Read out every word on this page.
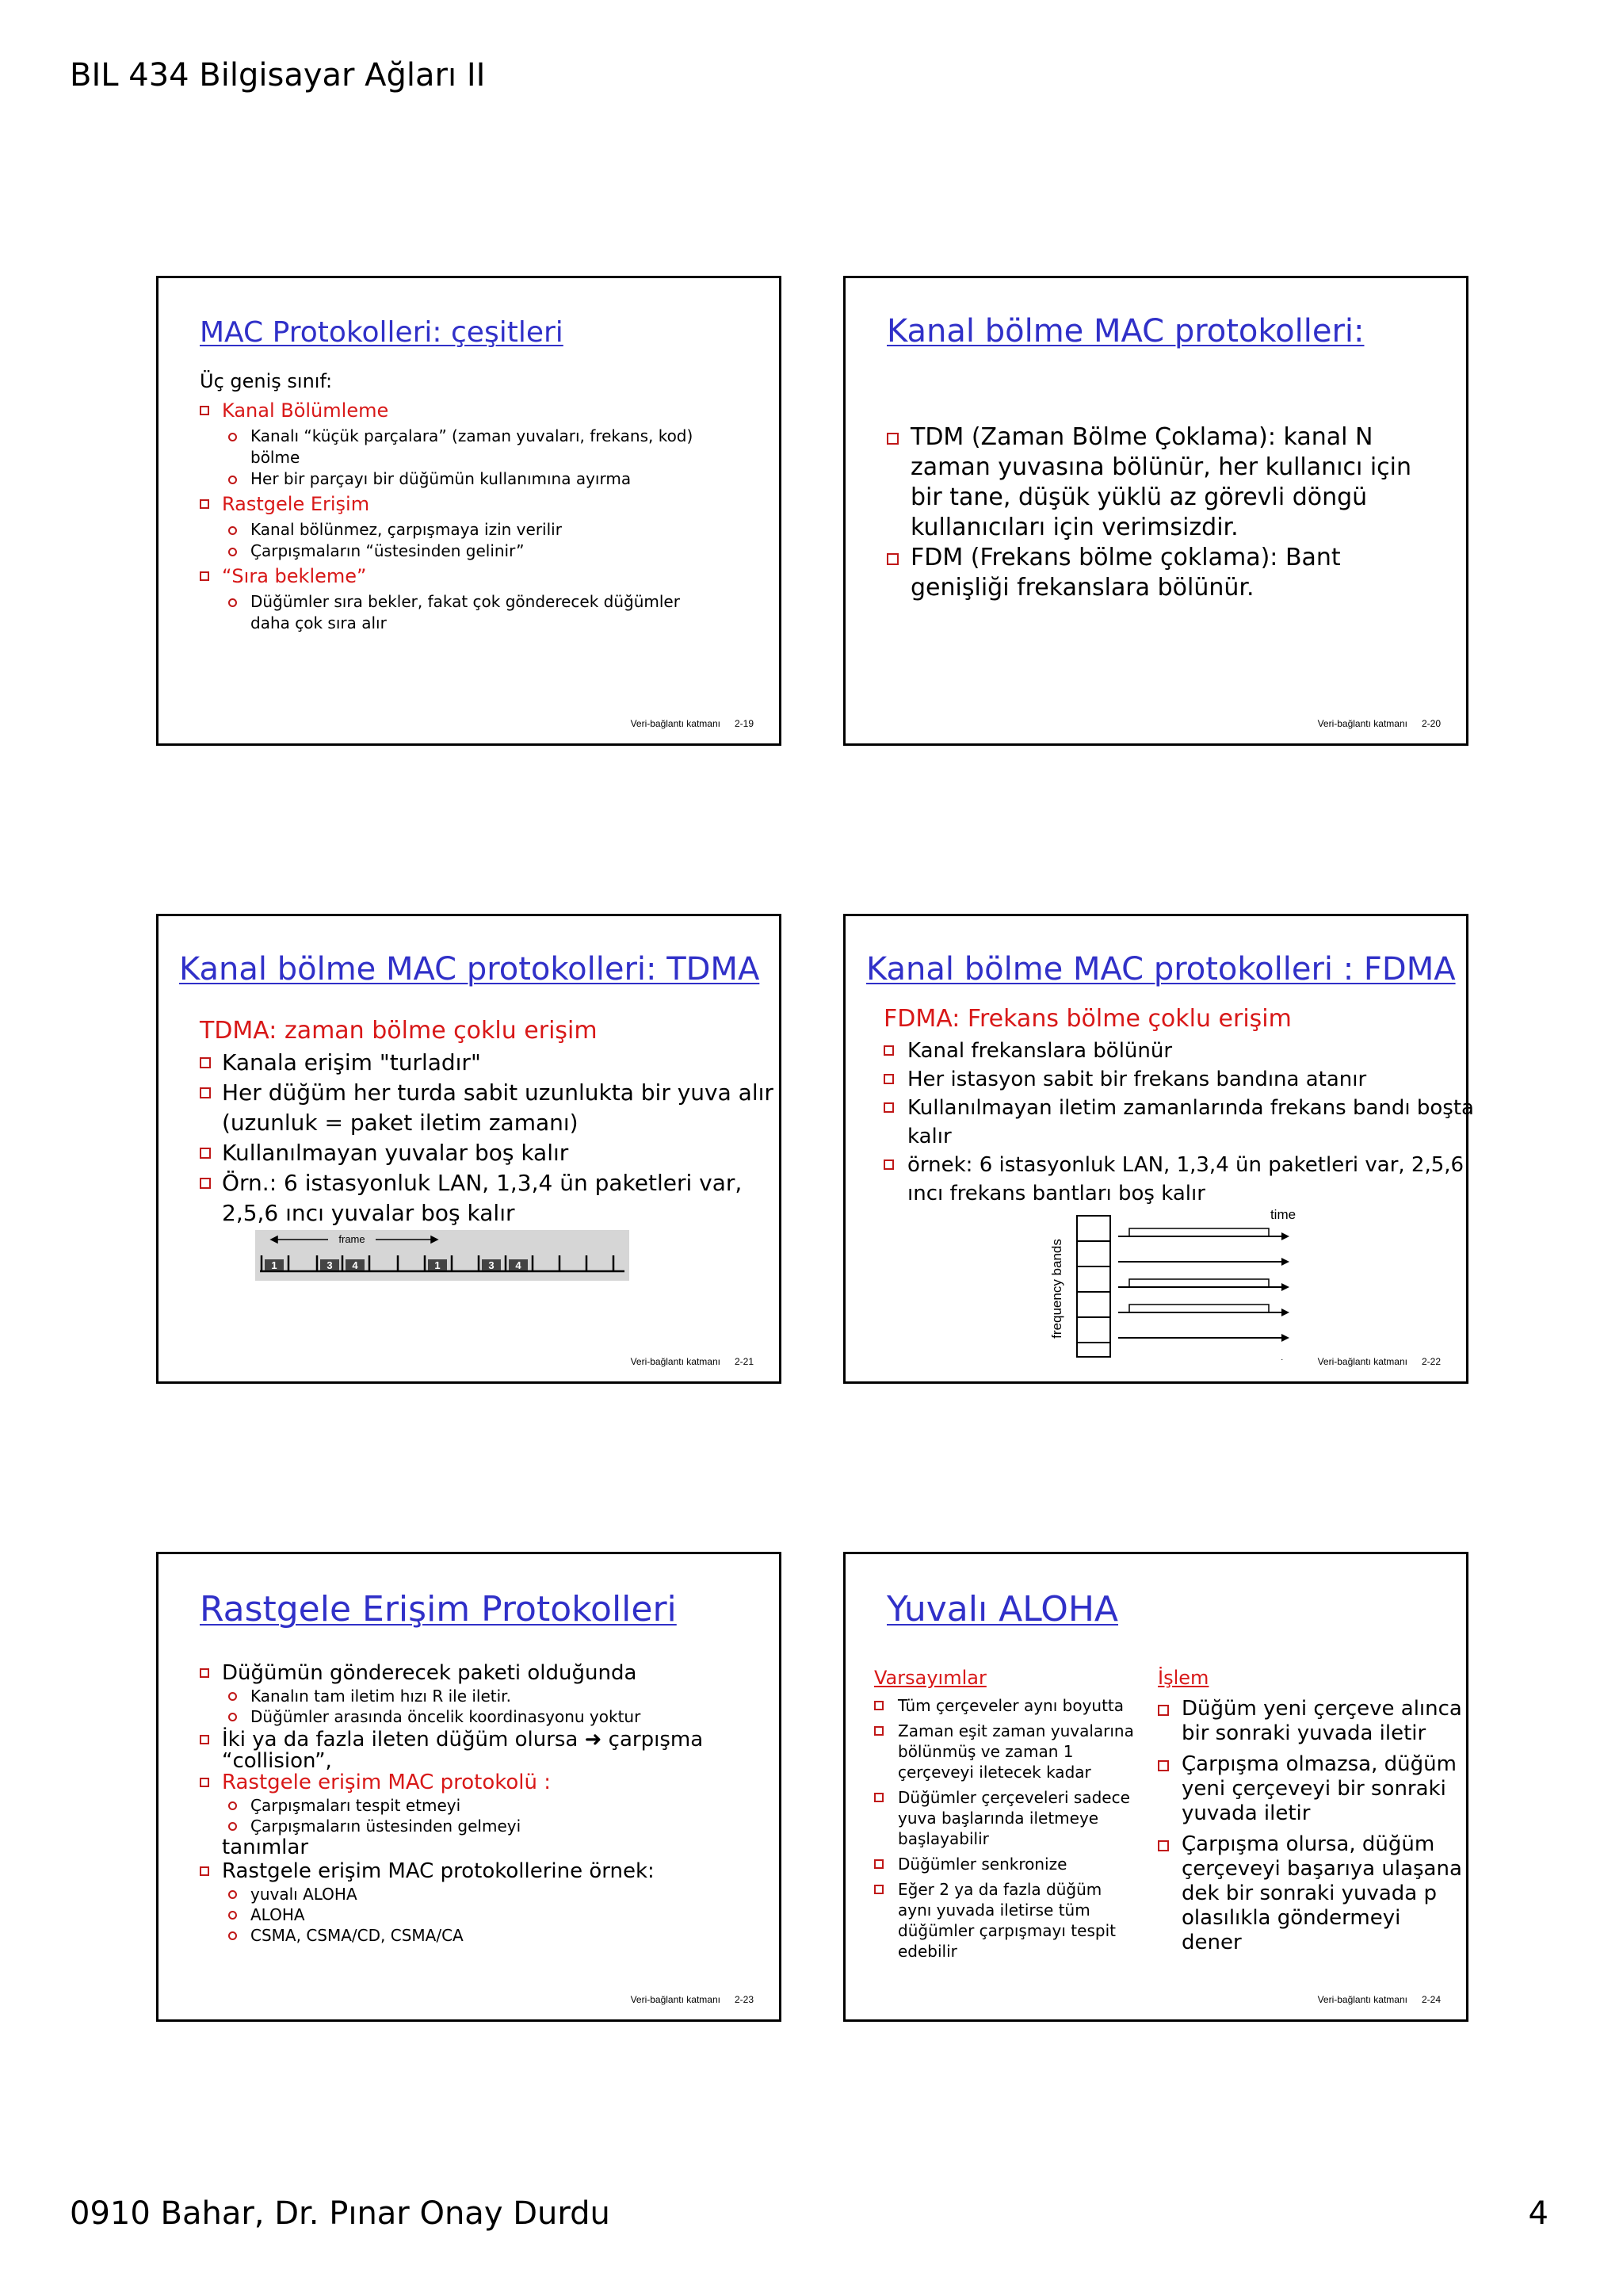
BIL 434 Bilgisayar Ağları II
MAC Protokolleri: çeşitleri
Üç geniş sınıf:
Kanal Bölümleme
Kanalı “küçük parçalara” (zaman yuvaları, frekans, kod)
bölme
Her bir parçayı bir düğümün kullanımına ayırma
Rastgele Erişim
Kanal bölünmez, çarpışmaya izin verilir
Çarpışmaların “üstesinden gelinir”
“Sıra bekleme”
Düğümler sıra bekler, fakat çok gönderecek düğümler
daha çok sıra alır
Veri-bağlantı katmanı 2-19
Kanal bölme MAC protokolleri:
TDM (Zaman Bölme Çoklama): kanal N
zaman yuvasına bölünür, her kullanıcı için
bir tane, düşük yüklü az görevli döngü
kullanıcıları için verimsizdir.
FDM (Frekans bölme çoklama): Bant
genişliği frekanslara bölünür.
Veri-bağlantı katmanı 2-20
Kanal bölme MAC protokolleri: TDMA
TDMA: zaman bölme çoklu erişim
Kanala erişim "turladır"
Her düğüm her turda sabit uzunlukta bir yuva alır
(uzunluk = paket iletim zamanı)
Kullanılmayan yuvalar boş kalır
Örn.: 6 istasyonluk LAN, 1,3,4 ün paketleri var,
2,5,6 ıncı yuvalar boş kalır
frame
1	3 4	1	3 4
Veri-bağlantı katmanı 2-21
Kanal bölme MAC protokolleri : FDMA
FDMA: Frekans bölme çoklu erişim
Kanal frekanslara bölünür
Her istasyon sabit bir frekans bandına atanır
Kullanılmayan iletim zamanlarında frekans bandı boşta
kalır
örnek: 6 istasyonluk LAN, 1,3,4 ün paketleri var, 2,5,6
ıncı frekans bantları boş kalır
time
frequency bands
Veri-bağlantı katmanı 2-22
Rastgele Erişim Protokolleri
Düğümün gönderecek paketi olduğunda
Kanalın tam iletim hızı R ile iletir.
Düğümler arasında öncelik koordinasyonu yoktur
İki ya da fazla ileten düğüm olursa ➜ çarpışma
“collision”,
Rastgele erişim MAC protokolü :
Çarpışmaları tespit etmeyi
Çarpışmaların üstesinden gelmeyi
tanımlar
Rastgele erişim MAC protokollerine örnek:
yuvalı ALOHA
ALOHA
CSMA, CSMA/CD, CSMA/CA
Veri-bağlantı katmanı 2-23
Yuvalı ALOHA
Varsayımlar	İşlem
Tüm çerçeveler aynı boyutta
Zaman eşit zaman yuvalarına
bölünmüş ve zaman 1
çerçeveyi iletecek kadar
Düğümler çerçeveleri sadece
yuva başlarında iletmeye
başlayabilir
Düğümler senkronize
Eğer 2 ya da fazla düğüm
aynı yuvada iletirse tüm
düğümler çarpışmayı tespit
edebilir
Düğüm yeni çerçeve alınca
bir sonraki yuvada iletir
Çarpışma olmazsa, düğüm
yeni çerçeveyi bir sonraki
yuvada iletir
Çarpışma olursa, düğüm
çerçeveyi başarıya ulaşana
dek bir sonraki yuvada p
olasılıkla göndermeyi
dener
Veri-bağlantı katmanı 2-24
0910 Bahar, Dr. Pınar Onay Durdu	4
